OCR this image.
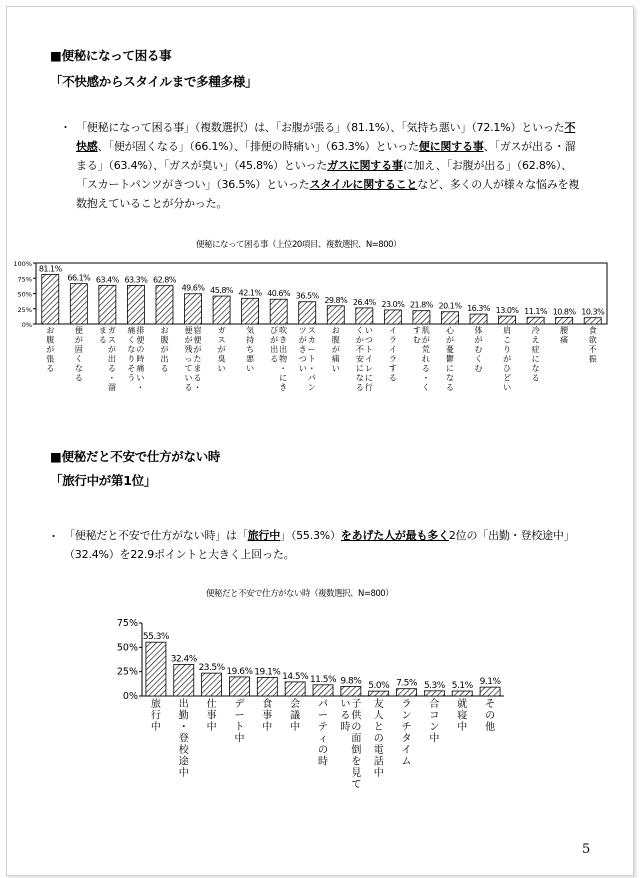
■便秘になって困る事
「不快感からスタイルまで多種多様」
・ 「便秘になって困る事」（複数選択）は、「お腹が張る」（81.1%）、「気持ち悪い」（72.1%）といった不快感、「便が固くなる」（66.1%）、「排便の時痛い」（63.3%）といった便に関する事、「ガスが出る・溜まる」（63.4%）、「ガスが臭い」（45.8%）といったガスに関する事に加え、「お腹が出る」（62.8%）、「スカートパンツがきつい」（36.5%）といったスタイルに関することなど、多くの人が様々な悩みを複数抱えていることが分かった。
便秘になって困る事（上位20項目、複数選択、N=800）
100%
75%
50%
25%
0%
81.1%
お
腹
が
張
る
66.1%
便
が
固
く
な
る
63.4%
ガ
ス
が
出
る
・
溜
ま
る
63.3%
排
便
の
時
痛
い
・
痛
く
な
り
そ
う
62.8%
お
腹
が
出
る
49.6%
宿
便
が
た
ま
る
・
便
が
残
っ
て
い
る
45.8%
ガ
ス
が
臭
い
42.1%
気
持
ち
悪
い
40.6%
吹
き
出
物
・
に
き
び
が
出
る
36.5%
ス
カ
ー
ト
・
パ
ン
ツ
が
き
つ
い
29.8%
お
腹
が
痛
い
26.4%
い
つ
ト
イ
レ
に
行
く
か
不
安
に
な
る
23.0%
イ
ラ
イ
ラ
す
る
21.8%
肌
が
荒
れ
る
・
く
す
む
20.1%
心
が
憂
鬱
に
な
る
16.3%
体
が
む
く
む
13.0%
肩
こ
り
が
ひ
ど
い
11.1%
冷
え
症
に
な
る
10.8%
腰
痛
10.3%
食
欲
不
振
■便秘だと不安で仕方がない時
「旅行中が第1位」
・ 「便秘だと不安で仕方がない時」は「旅行中」（55.3%）をあげた人が最も多く2位の「出勤・登校途中」（32.4%）を22.9ポイントと大きく上回った。
便秘だと不安で仕方がない時（複数選択、N=800）
75%
50%
25%
0%
55.3%
旅
行
中
32.4%
出
勤
・
登
校
途
中
23.5%
仕
事
中
19.6%
デ
ー
ト
中
19.1%
食
事
中
14.5%
会
議
中
11.5%
パ
ー
テ
ィ
の
時
9.8%
子
供
の
面
倒
を
見
て
い
る
時
5.0%
友
人
と
の
電
話
中
7.5%
ラ
ン
チ
タ
イ
ム
5.3%
合
コ
ン
中
5.1%
就
寝
中
9.1%
そ
の
他
5
